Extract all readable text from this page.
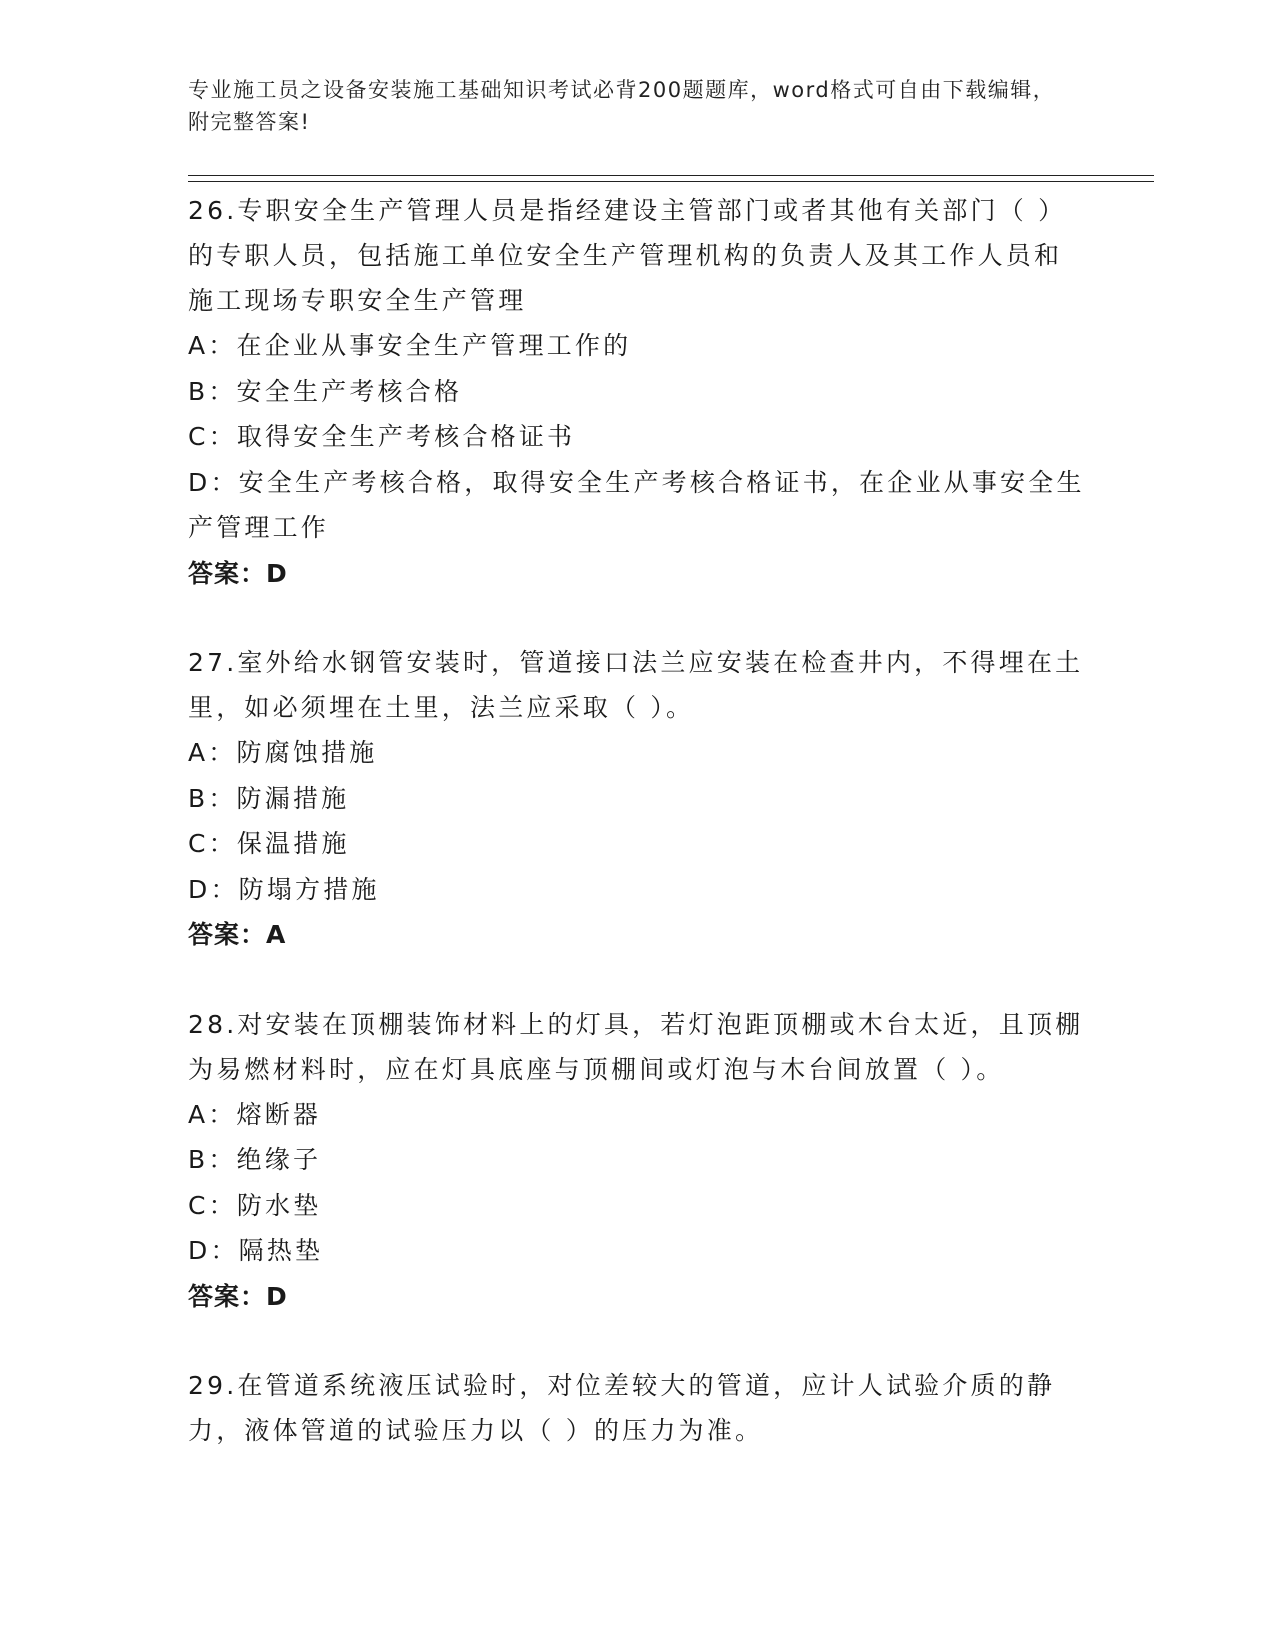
专业施工员之设备安装施工基础知识考试必背200题题库，word格式可自由下载编辑，附完整答案!

26.专职安全生产管理人员是指经建设主管部门或者其他有关部门（ ）的专职人员，包括施工单位安全生产管理机构的负责人及其工作人员和施工现场专职安全生产管理

A：在企业从事安全生产管理工作的

B：安全生产考核合格

C：取得安全生产考核合格证书

D：安全生产考核合格，取得安全生产考核合格证书，在企业从事安全生产管理工作

答案：D

27.室外给水钢管安装时，管道接口法兰应安装在检查井内，不得埋在土里，如必须埋在土里，法兰应采取（ ）。

A：防腐蚀措施

B：防漏措施

C：保温措施

D：防塌方措施

答案：A

28.对安装在顶棚装饰材料上的灯具，若灯泡距顶棚或木台太近，且顶棚为易燃材料时，应在灯具底座与顶棚间或灯泡与木台间放置（ ）。

A：熔断器

B：绝缘子

C：防水垫

D：隔热垫

答案：D

29.在管道系统液压试验时，对位差较大的管道，应计人试验介质的静力，液体管道的试验压力以（ ）的压力为准。
